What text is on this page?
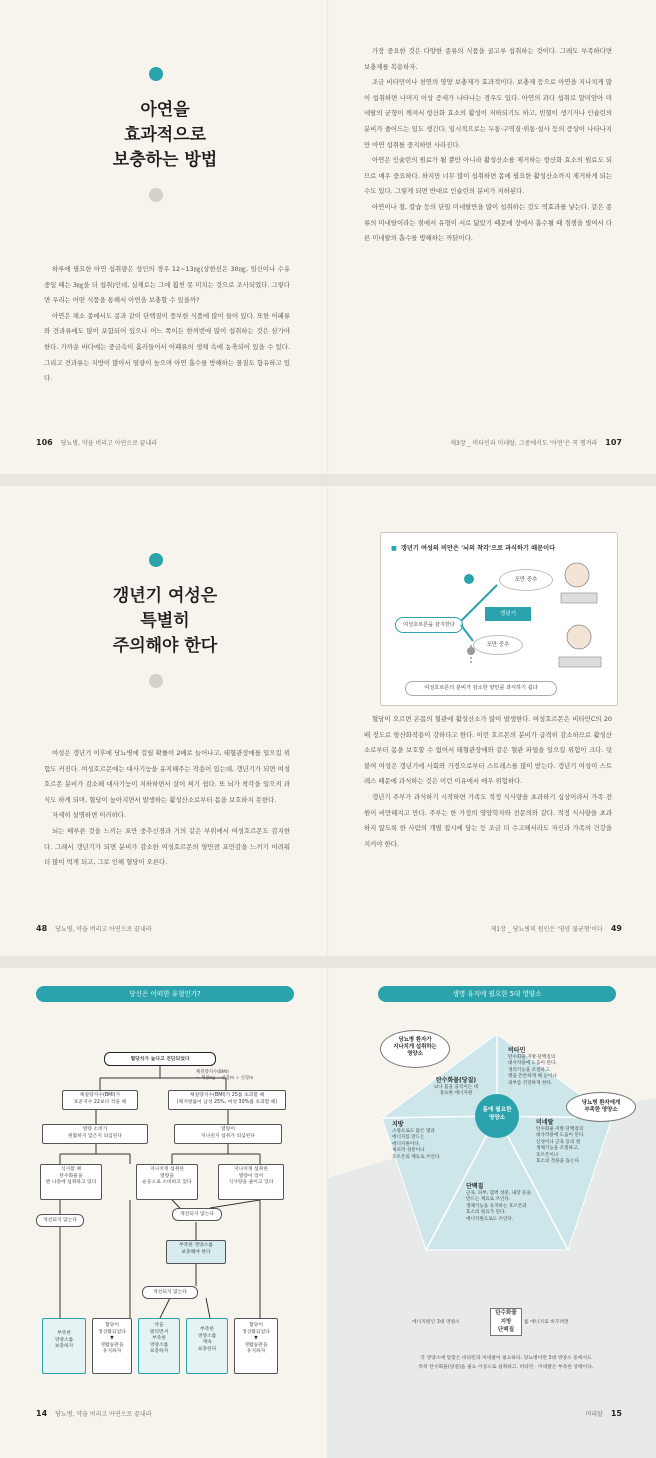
아연을
효과적으로
보충하는 방법

하루에 필요한 아연 섭취량은 성인의 경우 12~13㎎(상한선은 30㎎, 임신이나 수유 중일 때는 3㎎을 더 섭취)인데, 실제로는 그에 훨씬 못 미치는 것으로 조사되었다. 그렇다면 우리는 어떤 식품을 통해서 아연을 보충할 수 있을까?

아연은 채소 종에서도 콩과 같이 단백질이 풍부한 식품에 많이 들어 있다. 또한 어패류와 견과류에도 많이 포함되어 있으나 어느 쪽이든 한꺼번에 많이 섭취하는 것은 삼가야 한다. 가까운 바다에는 중금속이 흘러들어서 어패류의 생체 속에 농축되어 있을 수 있다. 그리고 견과류는 지방이 많아서 열량이 높으며 아연 흡수를 방해하는 물질도 함유하고 있다.

가장 중요한 것은 다양한 종류의 식품을 골고루 섭취하는 것이다. 그래도 부족하다면 보충제를 복용하자.

조금 비타민이나 천연의 영양 보충제가 효과적이다. 보충제 등으로 아연을 지나치게 많이 섭취하면 나머지 이상 증세가 나타나는 경우도 있다. 아연의 과다 섭취로 말미암아 미네랄의 균형이 깨져서 항산화 효소의 활성이 저하되기도 하고, 빈혈이 생기거나 인슐린의 분비가 줄어드는 일도 생긴다. 일시적으로는 두통·구역질·위통·설사 등의 증상이 나타나지만 아연 섭취를 중지하면 사라진다.

아연은 인슐린의 원료가 될 뿐만 아니라 활성산소를 제거하는 항산화 효소의 원료도 되므로 매우 중요하다. 하지만 너무 많이 섭취하면 몸에 필요한 활성산소까지 제거하게 되는 수도 있다. 그렇게 되면 반대로 인슐린의 분비가 저하된다.

아연이나 철, 칼슘 등의 단일 미네랄만을 많이 섭취하는 것도 역효과를 낳는다. 같은 종류의 미네랄이라는 점에서 유형이 서로 닮았기 때문에 장에서 흡수될 때 경쟁을 벌여서 다른 미네랄의 흡수를 방해하는 까닭이다.

106 당뇨병, 약을 버리고 아연으로 끝내라	제3장 _ 비타민과 미네랄, 그중에서도 '아연'은 꼭 챙겨라 107
갱년기 여성은
특별히
주의해야 한다

여성은 갱년기 이후에 당뇨병에 걸릴 확률이 2배로 늘어나고, 태혈관장애를 일으킬 위험도 커진다. 여성호르몬에는 대사기능을 유지해주는 작용이 있는데, 갱년기가 되면 여성호르몬 분비가 감소해 대사기능이 저하하면서 살이 찌기 쉽다. 또 뇌가 착각을 일으켜 과식도 하게 되며, 혈당이 높아지면서 발생하는 활성산소로부터 몸을 보호하지 못한다.

자세히 설명하면 이러하다.

뇌는 배부른 것을 느끼는 포만 중추신경과 거의 같은 부위에서 여성호르몬도 감지한다. 그래서 갱년기가 되면 분비가 감소한 여성호르몬의 양만큼 포만감을 느끼기 어려워 더 많이 먹게 되고, 그로 인해 혈당이 오른다.

■ 갱년기 여성의 비만은 '뇌의 착각'으로 과식하기 때문이다
포만 중추
포만 중추
여성호르몬을 감지한다
갱년기
여성호르몬의 분비가 감소한 양만큼 과식하기 쉽다

혈당이 오르면 온몸의 혈관에 활성산소가 많이 발생한다. 여성호르몬은 비타민C의 20배 정도로 항산화작용이 강하다고 한다. 이런 호르몬의 분비가 급격히 감소하므로 활성산소로부터 몸을 보호할 수 없어서 태혈관장애와 같은 혈관 파열을 일으킬 위험이 크다. 덧붙여 여성은 갱년기에 사회와 가정으로부터 스트레스를 많이 받는다. 갱년기 여성이 스트레스 때문에 과식하는 것은 이런 이유에서 매우 위험하다.

갱년기 주부가 과식하기 시작하면 가족도 적정 식사량을 초과하기 십상이라서 가족 전원이 비만해지고 만다. 주부는 한 가정의 영양학자와 전문의와 같다. 적정 식사량을 초과하지 않도록 한 사람의 개별 접시에 담는 등 조금 더 수고해서라도 자신과 가족의 건강을 지켜야 한다.

48 당뇨병, 약을 버리고 아연으로 끝내라	제1장 _ 당뇨병의 원인은 '영양 불균형'이다 49
당신은 어떠한 유형인가?	생명 유지에 필요한 5대 영양소
혈당치가 높다고 진단되었다
체질량지수(BMI)
= 체중kg ÷ 신장m ÷ 신장m
체질량지수(BMI)가
표준지수 22보다 작을 때
체질량지수(BMI)가 25를 초과할 때
(체지방률이 남성 25%, 여성 30%를 초과할 때)
열량 소비가
원활하지 않은지 의심된다
열량이
지나친지 섭취가 의심된다
식사할 때
탄수화물을
맨 나중에 섭취하고 있다
지나치게 섭취한
열량을
운동으로 소비하고 있다
지나치게 섭취한
열량이 있어
식사량을 줄이고 있다
개선되지 않는다
개선되지 않는다
부족한 영양소를
보충해야 한다
개선되지 않는다
부족한
영양소를
보충하자
혈당이
정상화되었다
▼
생활습관을
유지하자
약을
멀리면서
부족한
영양소를
보충하자
부족한
영양소를
계속
보충한다
혈당이
정상화되었다
▼
생활습관을
유지하자
몸에 필요한
영양소
탄수화물(당질)
뇌나 몸을 움직이는 데
중요한 에너지원
비타민
탄수화물·지방·단백질의
대사작용에 도움이 된다.
생리기능을 조절하고,
병을 튼튼하게 해 눈이나
피부를 건강하게 한다.
미네랄
탄수화물·지방·단백질의
대사작용에 도움이 된다.
신경이나 근육 등의 원
생체기능을 조절하고,
호르몬이나
효소의 작용을 돕는다.
지방
소량으로도 많은 열과
에너지를 만드는
에너지원이다.
세포막 성분이나
호르몬의 재료로 쓰인다.
단백질
근육, 피부, 혈액 성분, 내장 등을
만드는 재료로 쓰인다.
생체기능을 유지하는 호르몬과
효소의 원료가 된다.
에너지원으로도 쓰인다.
당뇨병 환자가
지나치게 섭취하는
영양소
당뇨병 환자에게
부족한 영양소
에너지원인 3대 영양소
탄수화물
지방
단백질
를 에너지로 바꾸려면
각 영양소에 알맞은 비타민과 미네랄이 필요하다. 당뇨병이면 3대 영양소 중에서도
특히 탄수화물(당질)을 필요 이상으로 섭취하고, 비타민 · 미네랄은 부족한 상태이다.
14 당뇨병, 약을 버리고 아연으로 끝내라	머리말 15
